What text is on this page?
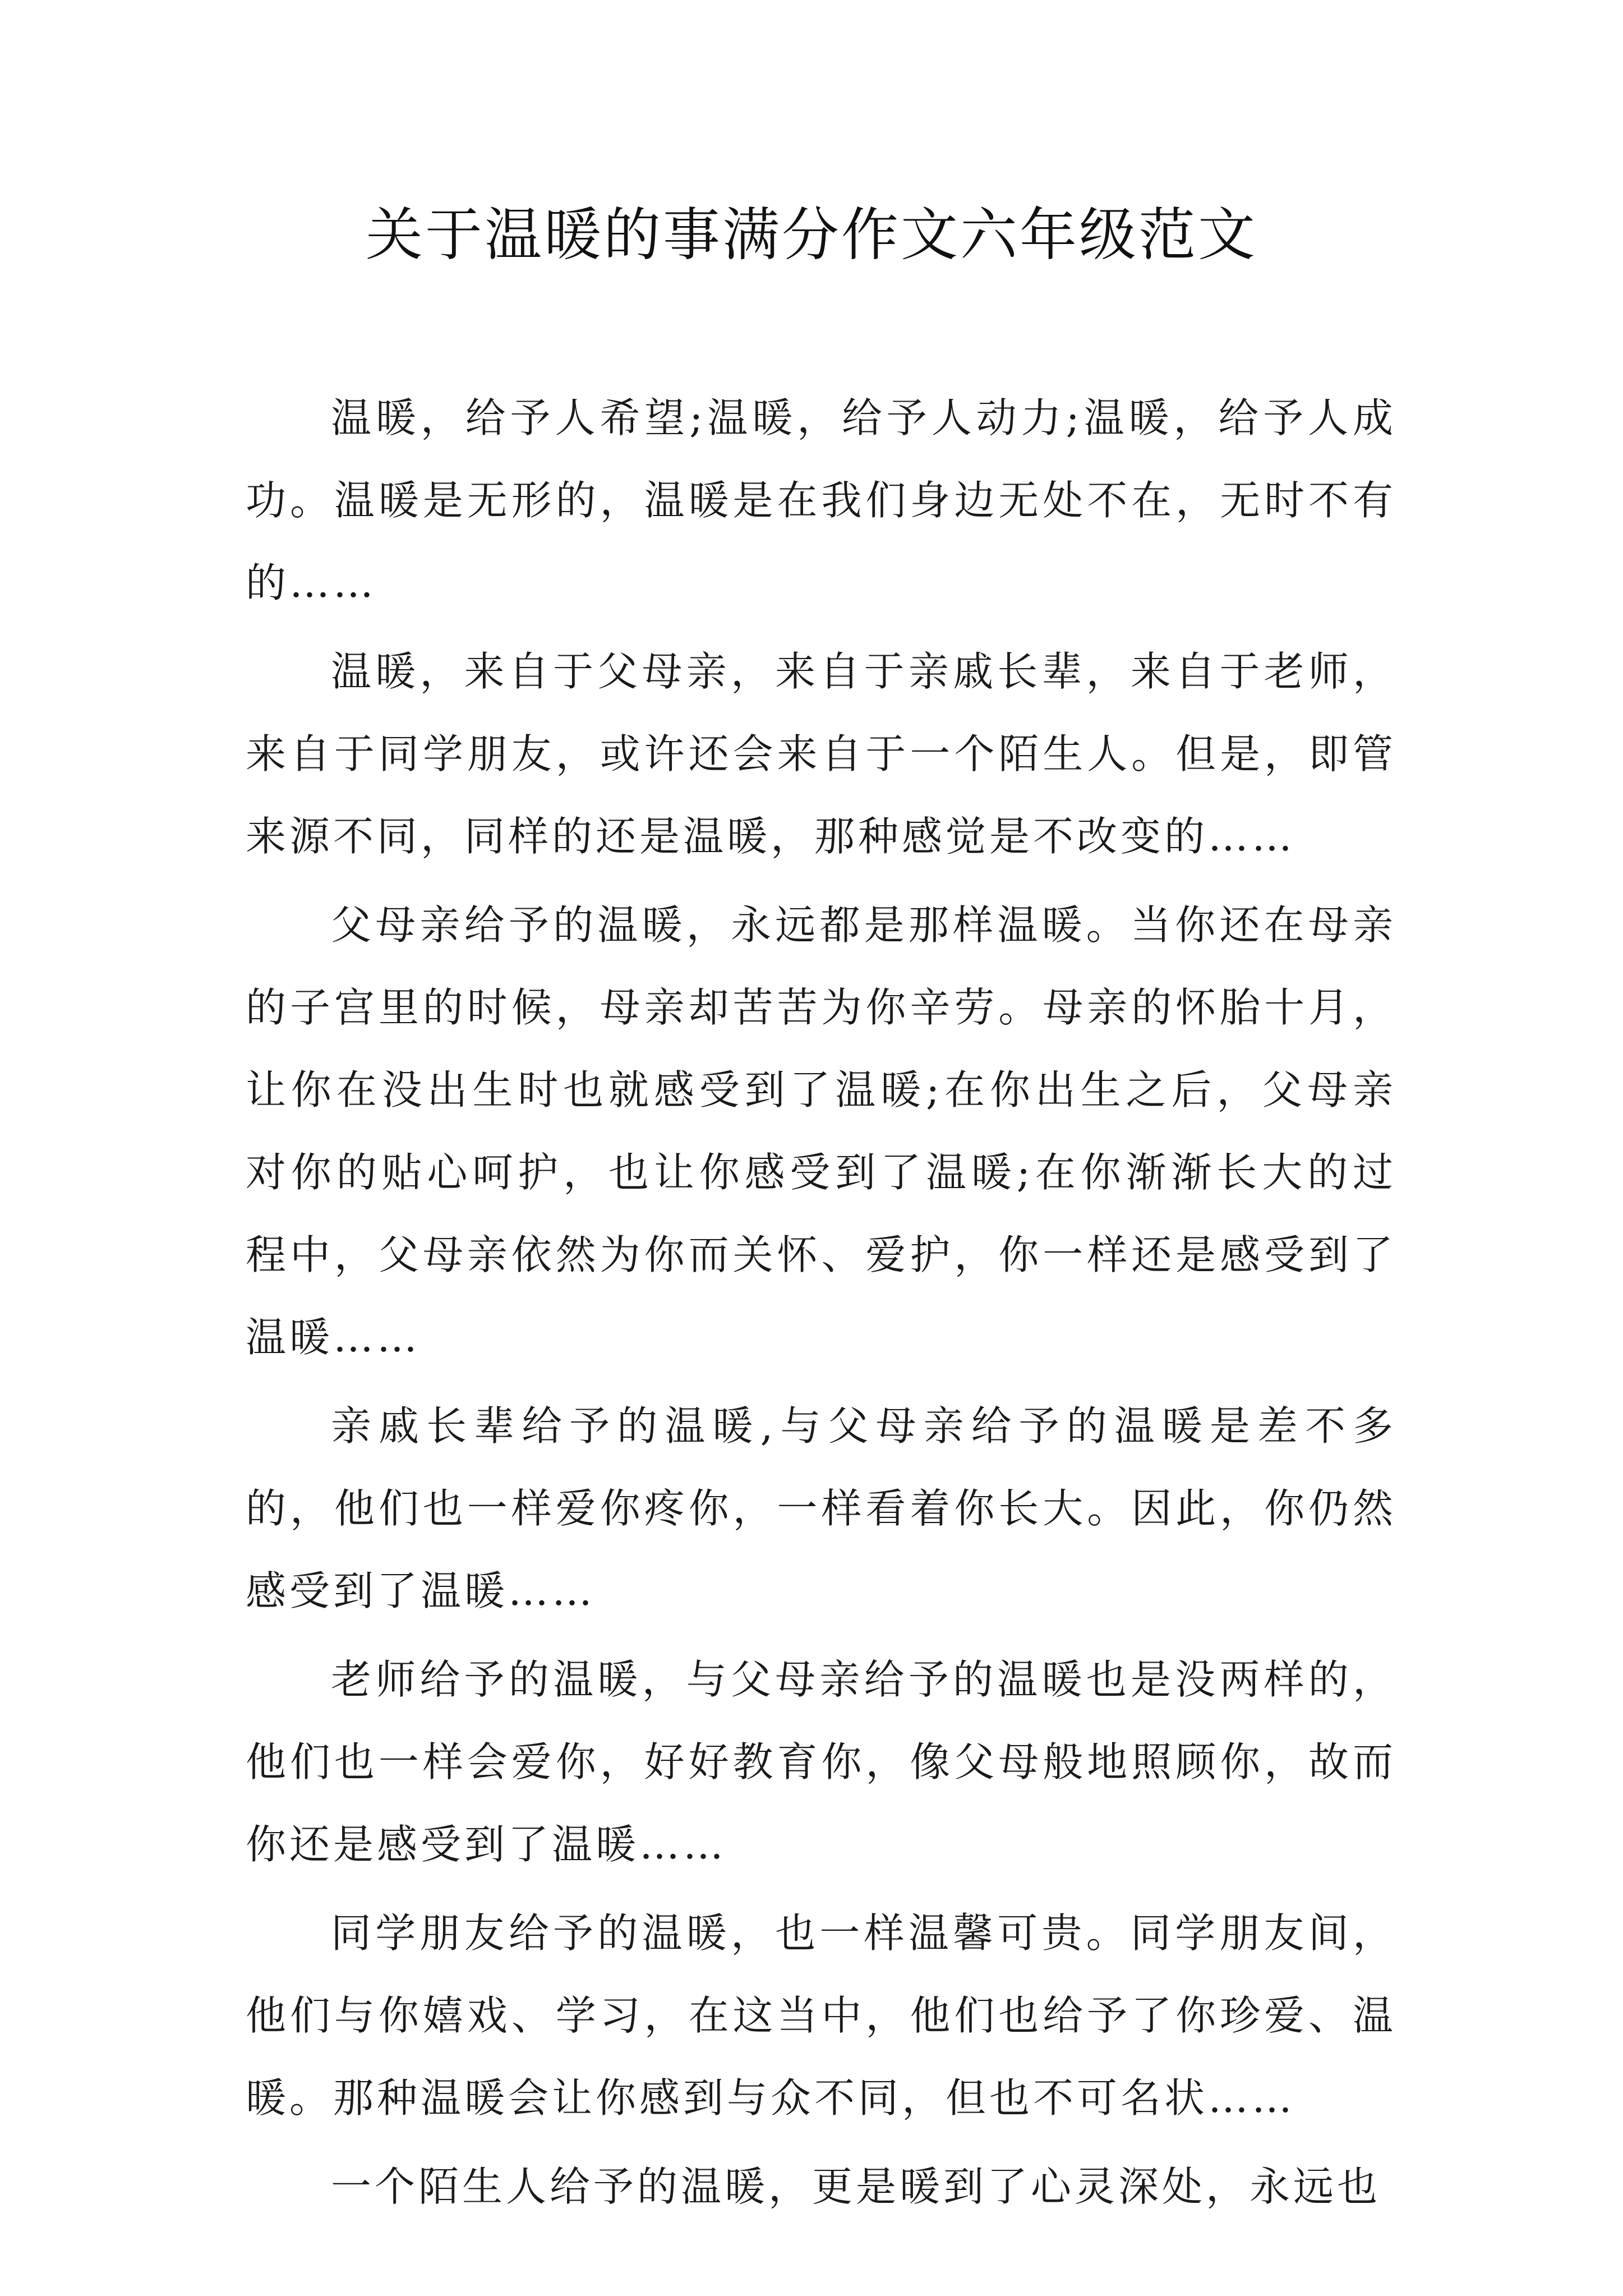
关于温暖的事满分作文六年级范文

温暖，给予人希望;温暖，给予人动力;温暖，给予人成功。温暖是无形的，温暖是在我们身边无处不在，无时不有的……

温暖，来自于父母亲，来自于亲戚长辈，来自于老师，来自于同学朋友，或许还会来自于一个陌生人。但是，即管来源不同，同样的还是温暖，那种感觉是不改变的……

父母亲给予的温暖，永远都是那样温暖。当你还在母亲的子宫里的时候，母亲却苦苦为你辛劳。母亲的怀胎十月，让你在没出生时也就感受到了温暖;在你出生之后，父母亲对你的贴心呵护，也让你感受到了温暖;在你渐渐长大的过程中，父母亲依然为你而关怀、爱护，你一样还是感受到了温暖……

亲戚长辈给予的温暖,与父母亲给予的温暖是差不多的，他们也一样爱你疼你，一样看着你长大。因此，你仍然感受到了温暖……

老师给予的温暖，与父母亲给予的温暖也是没两样的，他们也一样会爱你，好好教育你，像父母般地照顾你，故而你还是感受到了温暖……

同学朋友给予的温暖，也一样温馨可贵。同学朋友间，他们与你嬉戏、学习，在这当中，他们也给予了你珍爱、温暖。那种温暖会让你感到与众不同，但也不可名状……

一个陌生人给予的温暖，更是暖到了心灵深处，永远也
